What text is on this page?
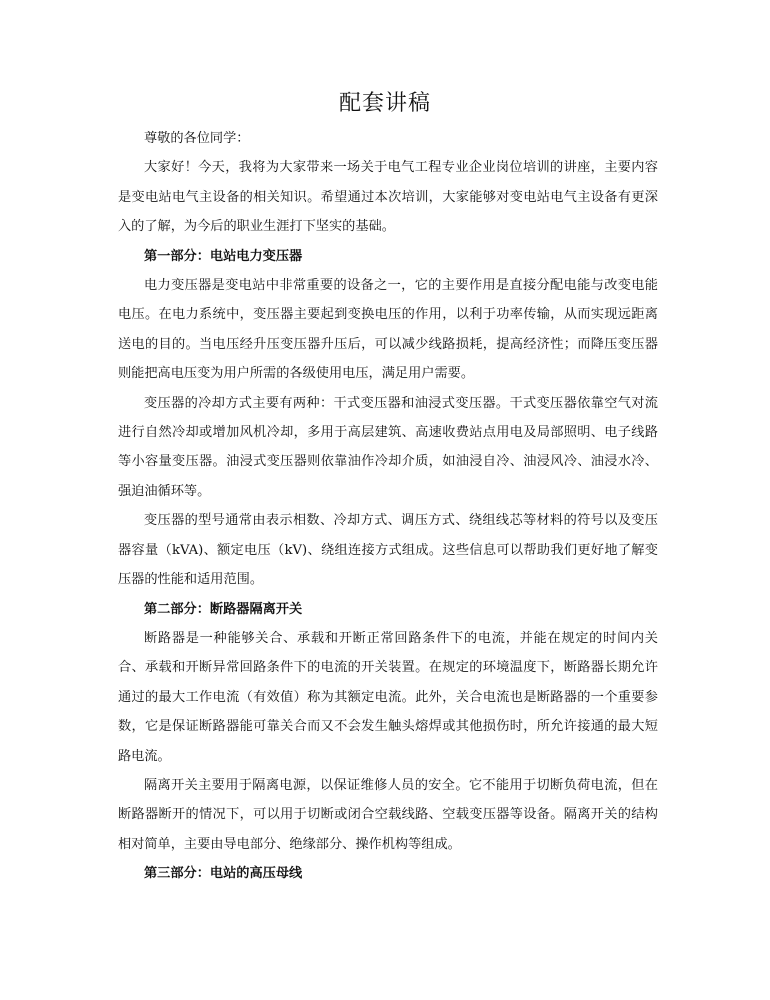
配套讲稿

尊敬的各位同学：

大家好！今天，我将为大家带来一场关于电气工程专业企业岗位培训的讲座，主要内容是变电站电气主设备的相关知识。希望通过本次培训，大家能够对变电站电气主设备有更深入的了解，为今后的职业生涯打下坚实的基础。

第一部分：电站电力变压器

电力变压器是变电站中非常重要的设备之一，它的主要作用是直接分配电能与改变电能电压。在电力系统中，变压器主要起到变换电压的作用，以利于功率传输，从而实现远距离送电的目的。当电压经升压变压器升压后，可以减少线路损耗，提高经济性；而降压变压器则能把高电压变为用户所需的各级使用电压，满足用户需要。

变压器的冷却方式主要有两种：干式变压器和油浸式变压器。干式变压器依靠空气对流进行自然冷却或增加风机冷却，多用于高层建筑、高速收费站点用电及局部照明、电子线路等小容量变压器。油浸式变压器则依靠油作冷却介质，如油浸自冷、油浸风冷、油浸水冷、强迫油循环等。

变压器的型号通常由表示相数、冷却方式、调压方式、绕组线芯等材料的符号以及变压器容量（kVA)、额定电压（kV)、绕组连接方式组成。这些信息可以帮助我们更好地了解变压器的性能和适用范围。

第二部分：断路器隔离开关

断路器是一种能够关合、承载和开断正常回路条件下的电流，并能在规定的时间内关合、承载和开断异常回路条件下的电流的开关装置。在规定的环境温度下，断路器长期允许通过的最大工作电流（有效值）称为其额定电流。此外，关合电流也是断路器的一个重要参数，它是保证断路器能可靠关合而又不会发生触头熔焊或其他损伤时，所允许接通的最大短路电流。

隔离开关主要用于隔离电源，以保证维修人员的安全。它不能用于切断负荷电流，但在断路器断开的情况下，可以用于切断或闭合空载线路、空载变压器等设备。隔离开关的结构相对简单，主要由导电部分、绝缘部分、操作机构等组成。

第三部分：电站的高压母线
